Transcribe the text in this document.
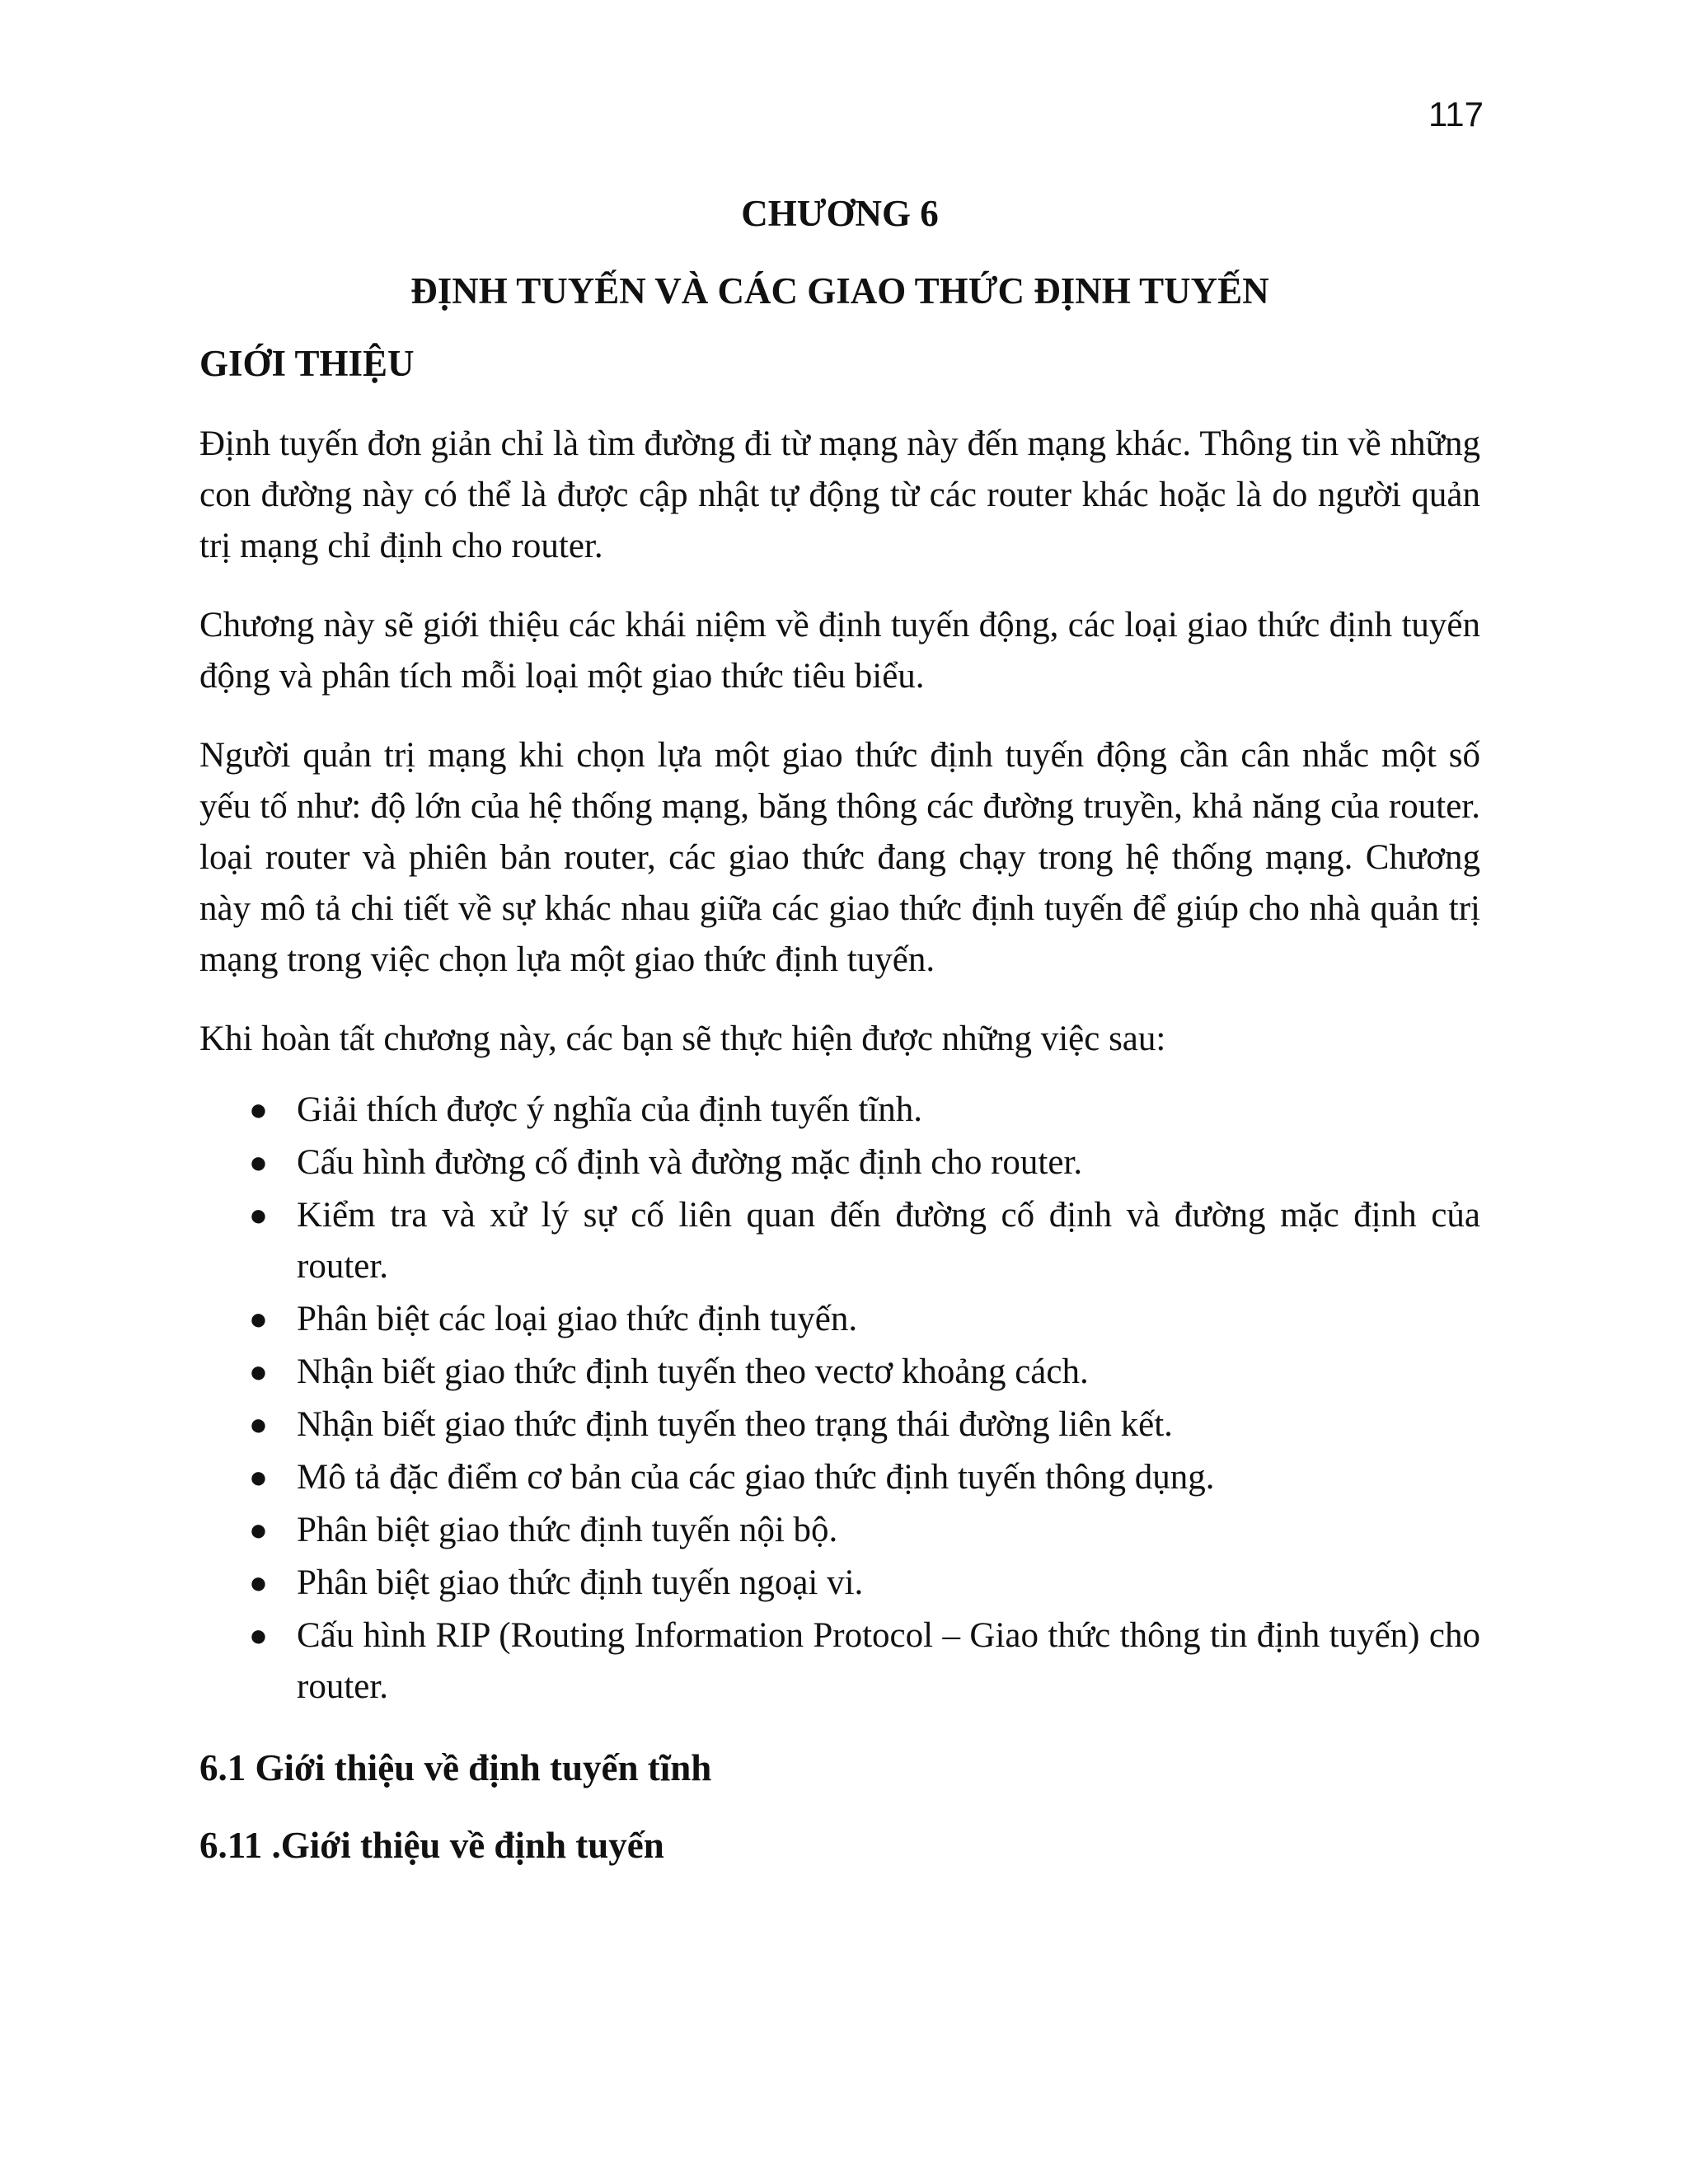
117
CHƯƠNG 6
ĐỊNH TUYẾN VÀ CÁC GIAO THỨC ĐỊNH TUYẾN
GIỚI THIỆU

Định tuyến đơn giản chỉ là tìm đường đi từ mạng này đến mạng khác. Thông tin về những con đường này có thể là được cập nhật tự động từ các router khác hoặc là do người quản trị mạng chỉ định cho router.

Chương này sẽ giới thiệu các khái niệm về định tuyến động, các loại giao thức định tuyến động và phân tích mỗi loại một giao thức tiêu biểu.

Người quản trị mạng khi chọn lựa một giao thức định tuyến động cần cân nhắc một số yếu tố như: độ lớn của hệ thống mạng, băng thông các đường truyền, khả năng của router. loại router và phiên bản router, các giao thức đang chạy trong hệ thống mạng. Chương này mô tả chi tiết về sự khác nhau giữa các giao thức định tuyến để giúp cho nhà quản trị mạng trong việc chọn lựa một giao thức định tuyến.

Khi hoàn tất chương này, các bạn sẽ thực hiện được những việc sau:

● Giải thích được ý nghĩa của định tuyến tĩnh.
● Cấu hình đường cố định và đường mặc định cho router.
● Kiểm tra và xử lý sự cố liên quan đến đường cố định và đường mặc định của router.
● Phân biệt các loại giao thức định tuyến.
● Nhận biết giao thức định tuyến theo vectơ khoảng cách.
● Nhận biết giao thức định tuyến theo trạng thái đường liên kết.
● Mô tả đặc điểm cơ bản của các giao thức định tuyến thông dụng.
● Phân biệt giao thức định tuyến nội bộ.
● Phân biệt giao thức định tuyến ngoại vi.
● Cấu hình RIP (Routing Information Protocol – Giao thức thông tin định tuyến) cho router.
6.1 Giới thiệu về định tuyến tĩnh
6.11 .Giới thiệu về định tuyến
